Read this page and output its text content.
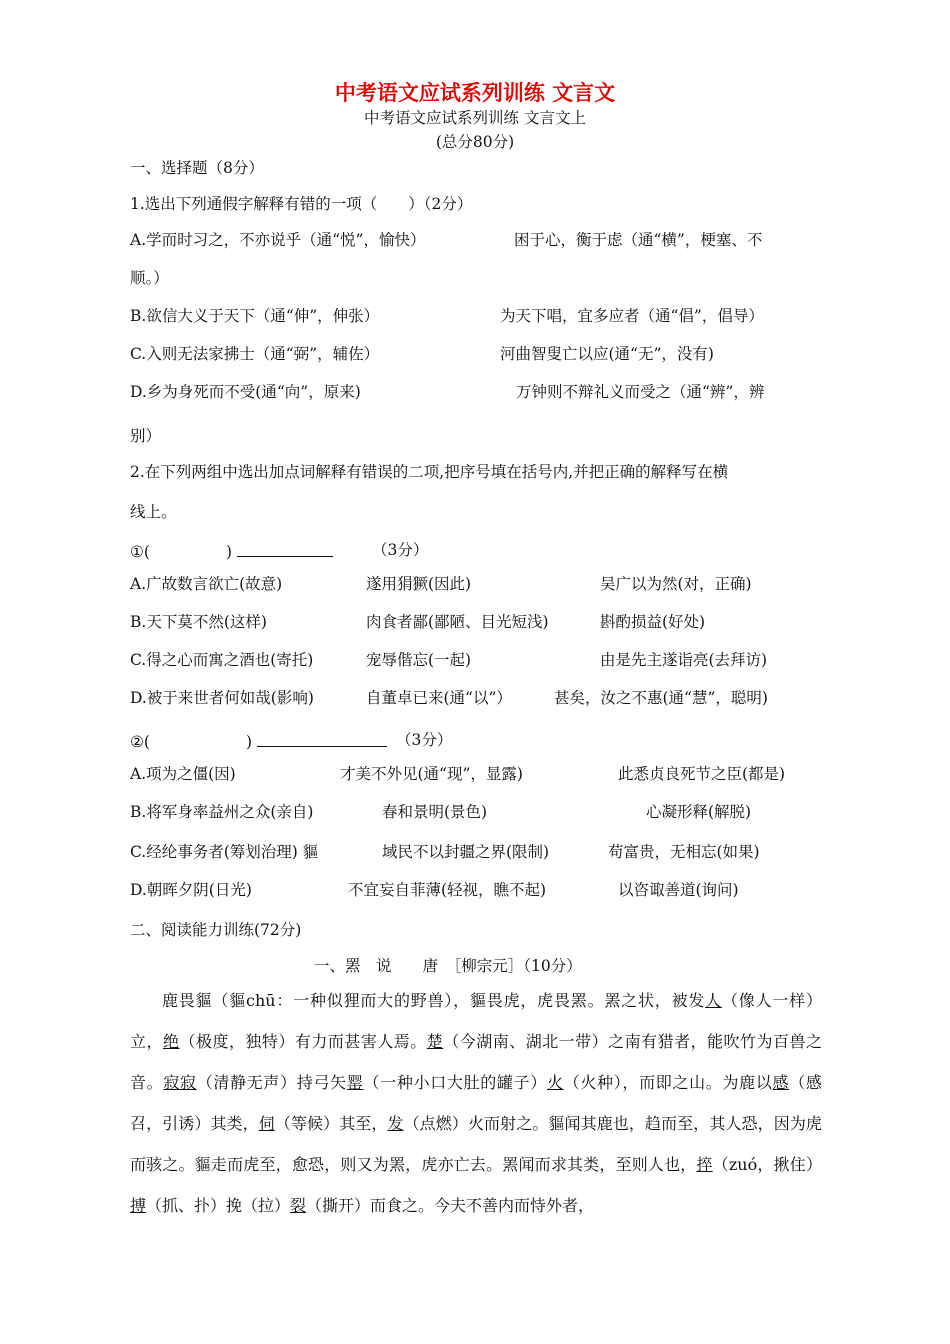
中考语文应试系列训练 文言文
中考语文应试系列训练 文言文上
(总分80分)
一、选择题（8分）
1.选出下列通假字解释有错的一项（　　）（2分）
A.学而时习之，不亦说乎（通“悦”，愉快）	困于心，衡于虑（通“横”，梗塞、不
顺。）
B.欲信大义于天下（通“伸”，伸张）	为天下唱，宜多应者（通“倡”，倡导）
C.入则无法家拂士（通“弼”，辅佐）	河曲智叟亡以应(通“无”，没有)
D.乡为身死而不受(通“向”，原来)	万钟则不辩礼义而受之（通“辨”，辨
别）
2.在下列两组中选出加点词解释有错误的二项,把序号填在括号内,并把正确的解释写在横
线上。
①(	)	（3分）
A.广故数言欲亡(故意)	遂用狷獗(因此)	吴广以为然(对，正确)
B.天下莫不然(这样)	肉食者鄙(鄙陋、目光短浅)	斟酌损益(好处)
C.得之心而寓之酒也(寄托)	宠辱偕忘(一起)	由是先主遂诣亮(去拜访)
D.被于来世者何如哉(影响)	自董卓已来(通“以”）	甚矣，汝之不惠(通“慧”，聪明)
②(	)	（3分）
A.项为之僵(因)	才美不外见(通“现”，显露)	此悉贞良死节之臣(都是)
B.将军身率益州之众(亲自)	春和景明(景色)	心凝形释(解脱)
C.经纶事务者(筹划治理) 貙	域民不以封疆之界(限制)	苟富贵，无相忘(如果)
D.朝晖夕阴(日光)	不宜妄自菲薄(轻视，瞧不起)	以咨诹善道(询问)
二、阅读能力训练(72分)
一、罴　说　　唐　［柳宗元］（10分）
鹿畏貙（貙chū：一种似狸而大的野兽），貙畏虎，虎畏罴。罴之状，被发人（像人一样）立，绝（极度，独特）有力而甚害人焉。楚（今湖南、湖北一带）之南有猎者，能吹竹为百兽之音。寂寂（清静无声）持弓矢罂（一种小口大肚的罐子）火（火种），而即之山。为鹿以感（感召，引诱）其类，伺（等候）其至，发（点燃）火而射之。貙闻其鹿也，趋而至，其人恐，因为虎而骇之。貙走而虎至，愈恐，则又为罴，虎亦亡去。罴闻而求其类，至则人也，捽（zuó，揪住）搏（抓、扑）挽（拉）裂（撕开）而食之。今夫不善内而恃外者，
